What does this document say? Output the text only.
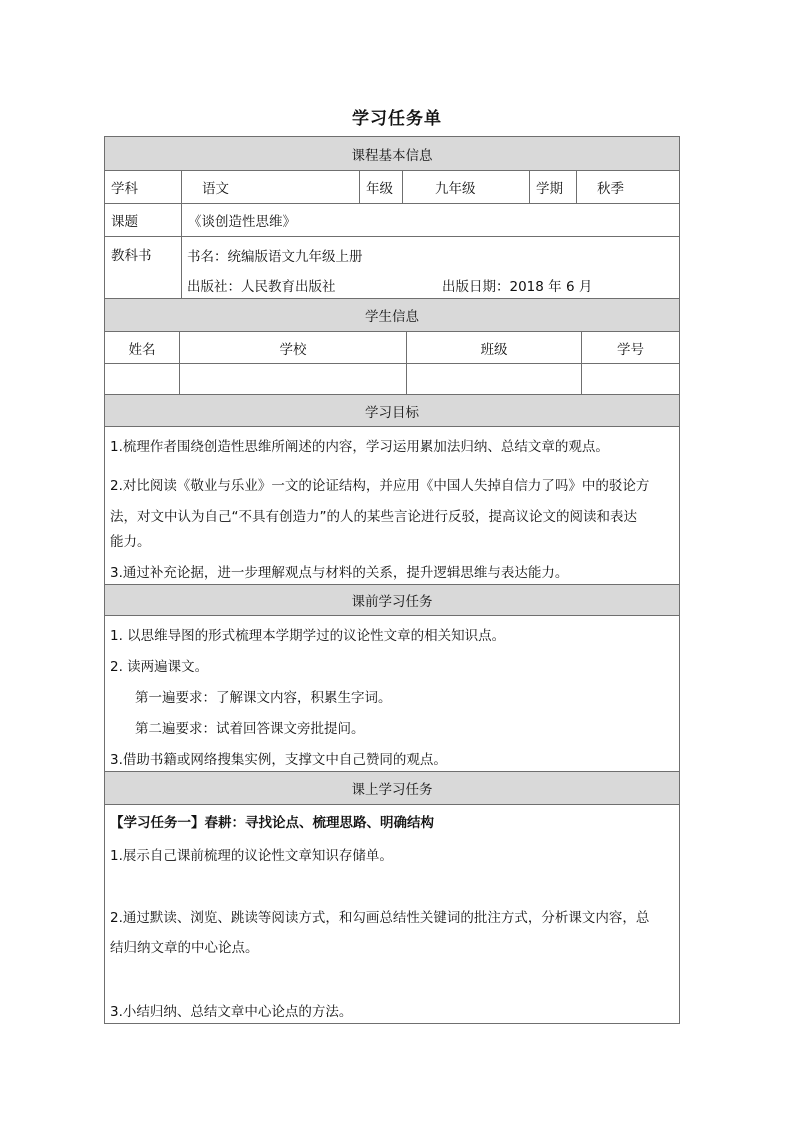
学习任务单
课程基本信息
学科	语文	年级	九年级	学期	秋季
课题	《谈创造性思维》
教科书	书名：统编版语文九年级上册
出版社：人民教育出版社	出版日期：2018 年 6 月
学生信息
姓名	学校	班级	学号
学习目标
1.梳理作者围绕创造性思维所阐述的内容，学习运用累加法归纳、总结文章的观点。
2.对比阅读《敬业与乐业》一文的论证结构，并应用《中国人失掉自信力了吗》中的驳论方
法，对文中认为自己“不具有创造力”的人的某些言论进行反驳，提高议论文的阅读和表达
能力。
3.通过补充论据，进一步理解观点与材料的关系，提升逻辑思维与表达能力。
课前学习任务
1. 以思维导图的形式梳理本学期学过的议论性文章的相关知识点。
2. 读两遍课文。
第一遍要求：了解课文内容，积累生字词。
第二遍要求：试着回答课文旁批提问。
3.借助书籍或网络搜集实例，支撑文中自己赞同的观点。
课上学习任务
【学习任务一】春耕：寻找论点、梳理思路、明确结构
1.展示自己课前梳理的议论性文章知识存储单。
2.通过默读、浏览、跳读等阅读方式，和勾画总结性关键词的批注方式，分析课文内容，总
结归纳文章的中心论点。
3.小结归纳、总结文章中心论点的方法。
